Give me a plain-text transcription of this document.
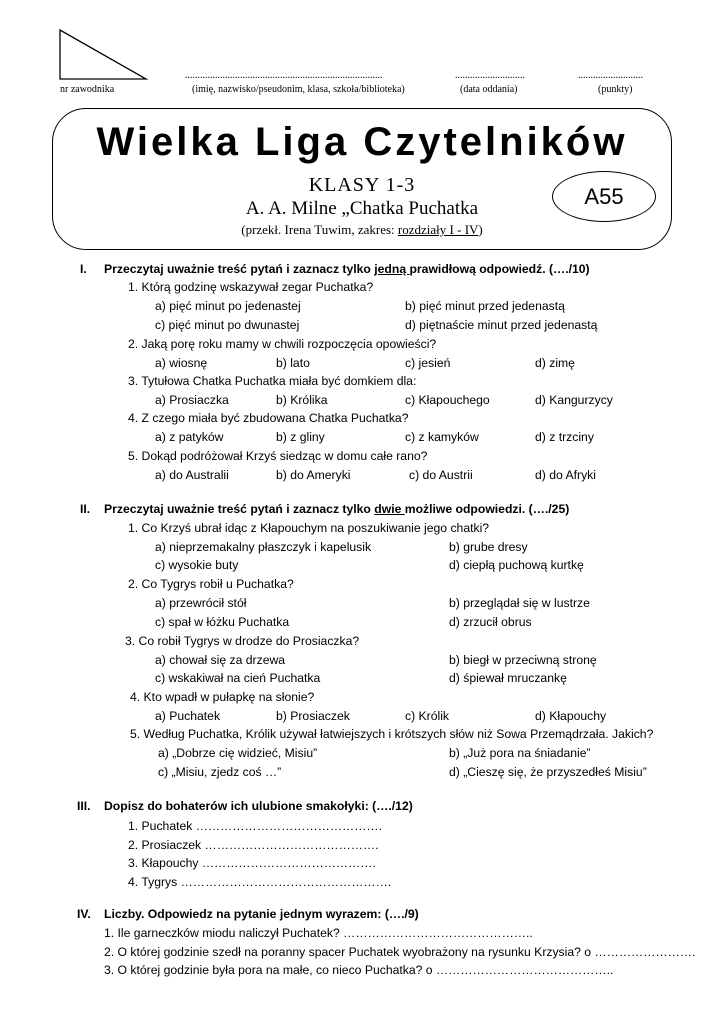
...............................................................................	............................	..........................
nr zawodnika	(imię, nazwisko/pseudonim, klasa, szkoła/biblioteka)	(data oddania)	(punkty)
Wielka Liga Czytelników
KLASY 1-3
A. A. Milne „Chatka Puchatka
(przekł. Irena Tuwim, zakres: rozdziały I - IV)
A55
I. Przeczytaj uważnie treść pytań i zaznacz tylko jedną prawidłową odpowiedź. (…./10)
1. Którą godzinę wskazywał zegar Puchatka?
a) pięć minut po jedenastej	b) pięć minut przed jedenastą
c) pięć minut po dwunastej	d) piętnaście minut przed jedenastą
2. Jaką porę roku mamy w chwili rozpoczęcia opowieści?
a) wiosnę	b) lato	c) jesień	d) zimę
3. Tytułowa Chatka Puchatka miała być domkiem dla:
a) Prosiaczka	b) Królika	c) Kłapouchego	d) Kangurzycy
4. Z czego miała być zbudowana Chatka Puchatka?
a) z patyków	b) z gliny	c) z kamyków	d) z trzciny
5. Dokąd podróżował Krzyś siedząc w domu całe rano?
a) do Australii	b) do Ameryki	c) do Austrii	d) do Afryki
II. Przeczytaj uważnie treść pytań i zaznacz tylko dwie możliwe odpowiedzi. (…./25)
1. Co Krzyś ubrał idąc z Kłapouchym na poszukiwanie jego chatki?
a) nieprzemakalny płaszczyk i kapelusik	b) grube dresy
c) wysokie buty	d) ciepłą puchową kurtkę
2. Co Tygrys robił u Puchatka?
a) przewrócił stół	b) przeglądał się w lustrze
c) spał w łóżku Puchatka	d) zrzucił obrus
3. Co robił Tygrys w drodze do Prosiaczka?
a) chował się za drzewa	b) biegł w przeciwną stronę
c) wskakiwał na cień Puchatka	d) śpiewał mruczankę
4. Kto wpadł w pułapkę na słonie?
a) Puchatek	b) Prosiaczek	c) Królik	d) Kłapouchy
5. Według Puchatka, Królik używał łatwiejszych i krótszych słów niż Sowa Przemądrzała. Jakich?
a) „Dobrze cię widzieć, Misiu”	b) „Już pora na śniadanie”
c) „Misiu, zjedz coś …”	d) „Cieszę się, że przyszedłeś Misiu”
III. Dopisz do bohaterów ich ulubione smakołyki: (…./12)
1. Puchatek ……………………………………….
2. Prosiaczek …………………………………….
3. Kłapouchy …………………………………….
4. Tygrys …………………………………………….
IV. Liczby. Odpowiedz na pytanie jednym wyrazem: (…./9)
1. Ile garneczków miodu naliczył Puchatek? ………………………………………..
2. O której godzinie szedł na poranny spacer Puchatek wyobrażony na rysunku Krzysia? o …………………….
3. O której godzinie była pora na małe, co nieco Puchatka? o ……………………………………..
